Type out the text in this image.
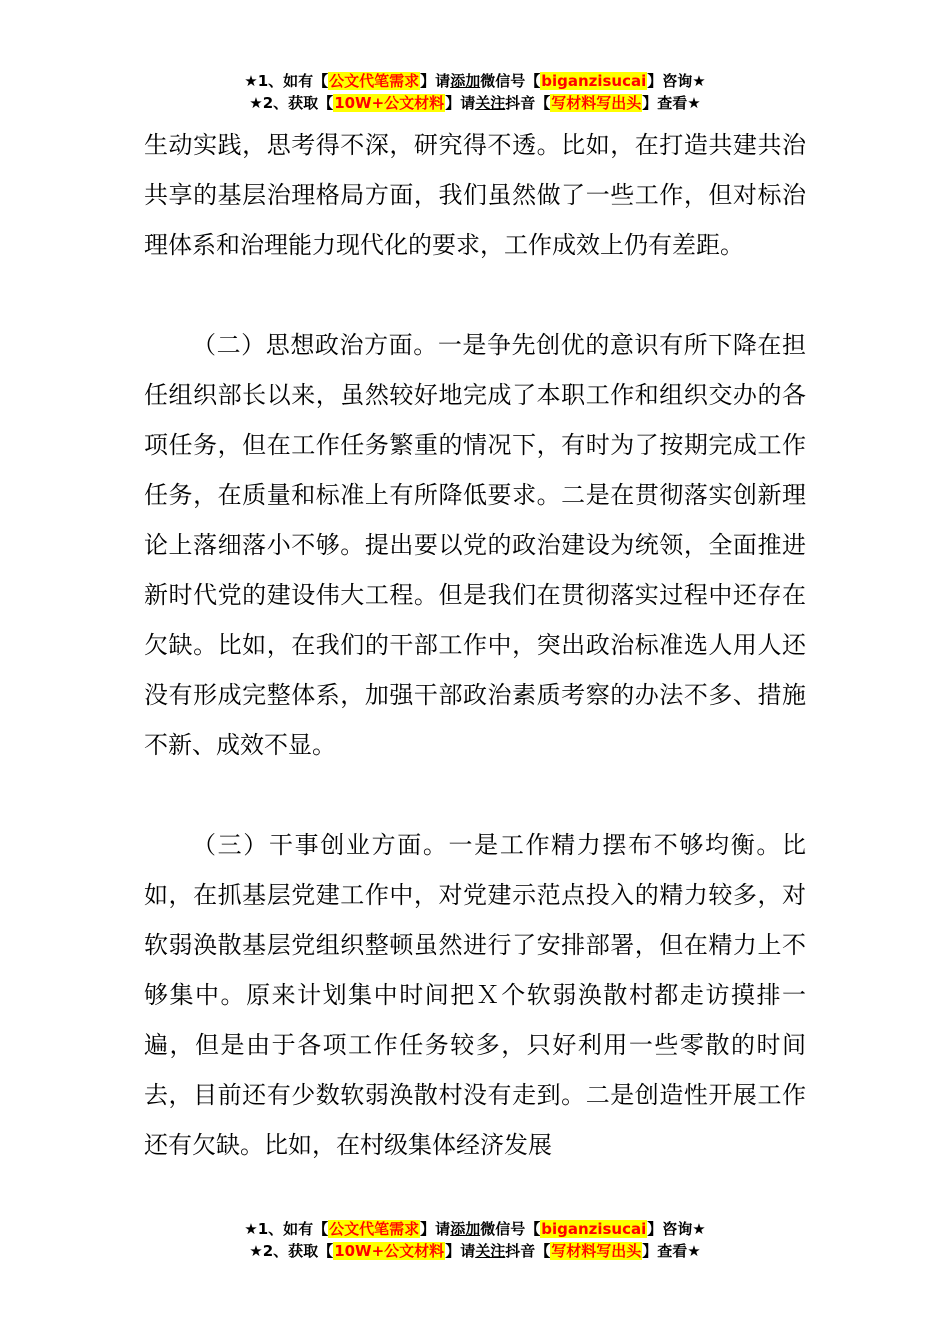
★1、如有【公文代笔需求】请添加微信号【biganzisucai】咨询★
★2、获取【10W+公文材料】请关注抖音【写材料写出头】查看★

生动实践，思考得不深，研究得不透。比如，在打造共建共治共享的基层治理格局方面，我们虽然做了一些工作，但对标治理体系和治理能力现代化的要求，工作成效上仍有差距。

（二）思想政治方面。一是争先创优的意识有所下降在担任组织部长以来，虽然较好地完成了本职工作和组织交办的各项任务，但在工作任务繁重的情况下，有时为了按期完成工作任务，在质量和标准上有所降低要求。二是在贯彻落实创新理论上落细落小不够。提出要以党的政治建设为统领，全面推进新时代党的建设伟大工程。但是我们在贯彻落实过程中还存在欠缺。比如，在我们的干部工作中，突出政治标准选人用人还没有形成完整体系，加强干部政治素质考察的办法不多、措施不新、成效不显。

（三）干事创业方面。一是工作精力摆布不够均衡。比如，在抓基层党建工作中，对党建示范点投入的精力较多，对软弱涣散基层党组织整顿虽然进行了安排部署，但在精力上不够集中。原来计划集中时间把Ｘ个软弱涣散村都走访摸排一遍，但是由于各项工作任务较多，只好利用一些零散的时间去，目前还有少数软弱涣散村没有走到。二是创造性开展工作还有欠缺。比如，在村级集体经济发展

★1、如有【公文代笔需求】请添加微信号【biganzisucai】咨询★
★2、获取【10W+公文材料】请关注抖音【写材料写出头】查看★
